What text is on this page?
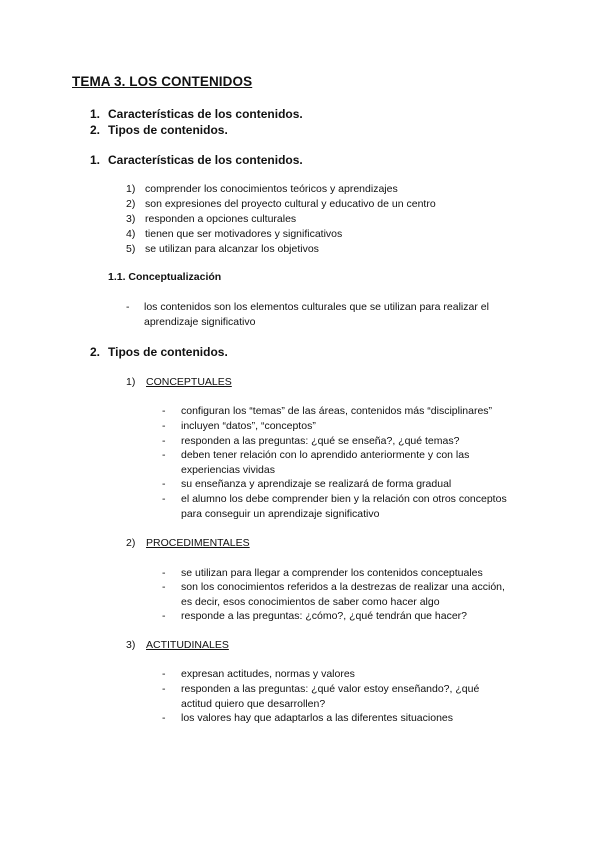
TEMA 3. LOS CONTENIDOS
1. Características de los contenidos.
2. Tipos de contenidos.
1. Características de los contenidos.
1) comprender los conocimientos teóricos y aprendizajes
2) son expresiones del proyecto cultural y educativo de un centro
3) responden a opciones culturales
4) tienen que ser motivadores y significativos
5) se utilizan para alcanzar los objetivos
1.1. Conceptualización
- los contenidos son los elementos culturales que se utilizan para realizar el
aprendizaje significativo
2. Tipos de contenidos.
1) CONCEPTUALES
- configuran los “temas” de las áreas, contenidos más “disciplinares”
- incluyen “datos”, “conceptos”
- responden a las preguntas: ¿qué se enseña?, ¿qué temas?
- deben tener relación con lo aprendido anteriormente y con las
experiencias vividas
- su enseñanza y aprendizaje se realizará de forma gradual
- el alumno los debe comprender bien y la relación con otros conceptos
para conseguir un aprendizaje significativo
2) PROCEDIMENTALES
- se utilizan para llegar a comprender los contenidos conceptuales
- son los conocimientos referidos a la destrezas de realizar una acción,
es decir, esos conocimientos de saber como hacer algo
- responde a las preguntas: ¿cómo?, ¿qué tendrán que hacer?
3) ACTITUDINALES
- expresan actitudes, normas y valores
- responden a las preguntas: ¿qué valor estoy enseñando?, ¿qué
actitud quiero que desarrollen?
- los valores hay que adaptarlos a las diferentes situaciones
